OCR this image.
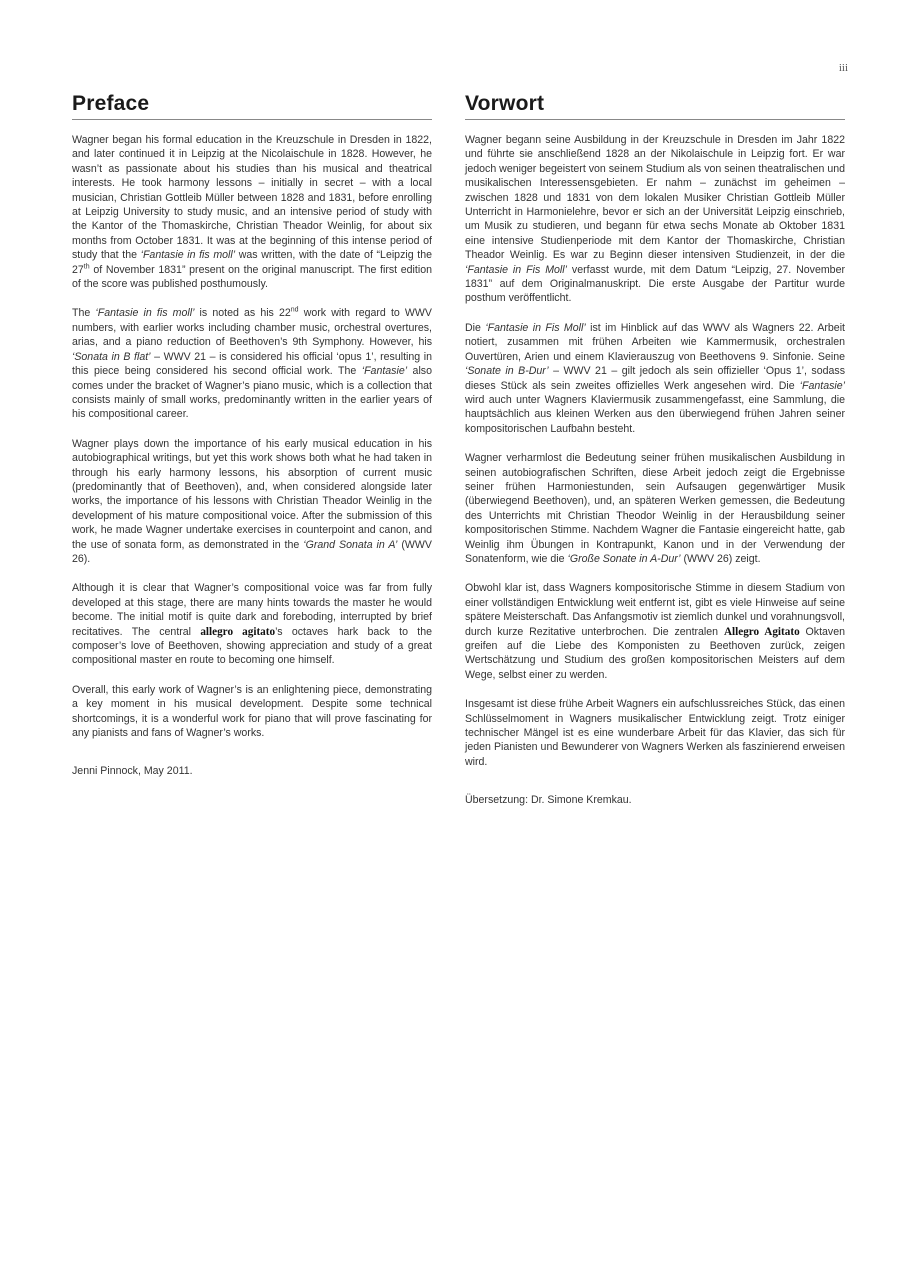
iii
Preface

Wagner began his formal education in the Kreuzschule in Dresden in 1822, and later continued it in Leipzig at the Nicolaischule in 1828. However, he wasn’t as passionate about his studies than his musical and theatrical interests. He took harmony lessons – initially in secret – with a local musician, Christian Gottleib Müller between 1828 and 1831, before enrolling at Leipzig University to study music, and an intensive period of study with the Kantor of the Thomaskirche, Christian Theador Weinlig, for about six months from October 1831. It was at the beginning of this intense period of study that the ‘Fantasie in fis moll’ was written, with the date of “Leipzig the 27th of November 1831” present on the original manuscript. The first edition of the score was published posthumously.

The ‘Fantasie in fis moll’ is noted as his 22nd work with regard to WWV numbers, with earlier works including chamber music, orchestral overtures, arias, and a piano reduction of Beethoven’s 9th Symphony. However, his ‘Sonata in B flat’ – WWV 21 – is considered his official ‘opus 1’, resulting in this piece being considered his second official work. The ‘Fantasie’ also comes under the bracket of Wagner’s piano music, which is a collection that consists mainly of small works, predominantly written in the earlier years of his compositional career.

Wagner plays down the importance of his early musical education in his autobiographical writings, but yet this work shows both what he had taken in through his early harmony lessons, his absorption of current music (predominantly that of Beethoven), and, when considered alongside later works, the importance of his lessons with Christian Theador Weinlig in the development of his mature compositional voice. After the submission of this work, he made Wagner undertake exercises in counterpoint and canon, and the use of sonata form, as demonstrated in the ‘Grand Sonata in A’ (WWV 26).

Although it is clear that Wagner’s compositional voice was far from fully developed at this stage, there are many hints towards the master he would become. The initial motif is quite dark and foreboding, interrupted by brief recitatives. The central allegro agitato’s octaves hark back to the composer’s love of Beethoven, showing appreciation and study of a great compositional master en route to becoming one himself.

Overall, this early work of Wagner’s is an enlightening piece, demonstrating a key moment in his musical development. Despite some technical shortcomings, it is a wonderful work for piano that will prove fascinating for any pianists and fans of Wagner’s works.

Jenni Pinnock, May 2011.

Vorwort

Wagner begann seine Ausbildung in der Kreuzschule in Dresden im Jahr 1822 und führte sie anschließend 1828 an der Nikolaischule in Leipzig fort. Er war jedoch weniger begeistert von seinem Studium als von seinen theatralischen und musikalischen Interessensgebieten. Er nahm – zunächst im geheimen – zwischen 1828 und 1831 von dem lokalen Musiker Christian Gottleib Müller Unterricht in Harmonielehre, bevor er sich an der Universität Leipzig einschrieb, um Musik zu studieren, und begann für etwa sechs Monate ab Oktober 1831 eine intensive Studienperiode mit dem Kantor der Thomaskirche, Christian Theador Weinlig. Es war zu Beginn dieser intensiven Studienzeit, in der die ‘Fantasie in Fis Moll’ verfasst wurde, mit dem Datum “Leipzig, 27. November 1831” auf dem Originalmanuskript. Die erste Ausgabe der Partitur wurde posthum veröffentlicht.

Die ‘Fantasie in Fis Moll’ ist im Hinblick auf das WWV als Wagners 22. Arbeit notiert, zusammen mit frühen Arbeiten wie Kammermusik, orchestralen Ouvertüren, Arien und einem Klavierauszug von Beethovens 9. Sinfonie. Seine ‘Sonate in B-Dur’ – WWV 21 – gilt jedoch als sein offizieller ‘Opus 1’, sodass dieses Stück als sein zweites offizielles Werk angesehen wird. Die ‘Fantasie’ wird auch unter Wagners Klaviermusik zusammengefasst, eine Sammlung, die hauptsächlich aus kleinen Werken aus den überwiegend frühen Jahren seiner kompositorischen Laufbahn besteht.

Wagner verharmlost die Bedeutung seiner frühen musikalischen Ausbildung in seinen autobiografischen Schriften, diese Arbeit jedoch zeigt die Ergebnisse seiner frühen Harmoniestunden, sein Aufsaugen gegenwärtiger Musik (überwiegend Beethoven), und, an späteren Werken gemessen, die Bedeutung des Unterrichts mit Christian Theodor Weinlig in der Herausbildung seiner kompositorischen Stimme. Nachdem Wagner die Fantasie eingereicht hatte, gab Weinlig ihm Übungen in Kontrapunkt, Kanon und in der Verwendung der Sonatenform, wie die ‘Große Sonate in A-Dur’ (WWV 26) zeigt.

Obwohl klar ist, dass Wagners kompositorische Stimme in diesem Stadium von einer vollständigen Entwicklung weit entfernt ist, gibt es viele Hinweise auf seine spätere Meisterschaft. Das Anfangsmotiv ist ziemlich dunkel und vorahnungsvoll, durch kurze Rezitative unterbrochen. Die zentralen Allegro Agitato Oktaven greifen auf die Liebe des Komponisten zu Beethoven zurück, zeigen Wertschätzung und Studium des großen kompositorischen Meisters auf dem Wege, selbst einer zu werden.

Insgesamt ist diese frühe Arbeit Wagners ein aufschlussreiches Stück, das einen Schlüsselmoment in Wagners musikalischer Entwicklung zeigt. Trotz einiger technischer Mängel ist es eine wunderbare Arbeit für das Klavier, das sich für jeden Pianisten und Bewunderer von Wagners Werken als faszinierend erweisen wird.

Übersetzung: Dr. Simone Kremkau.
